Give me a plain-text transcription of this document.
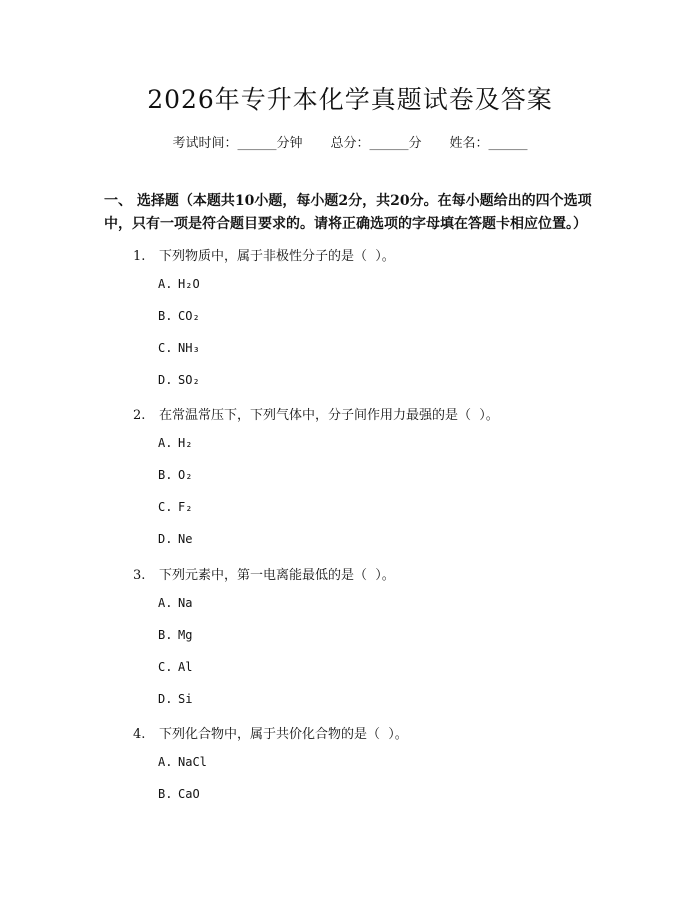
2026年专升本化学真题试卷及答案
考试时间：______分钟 总分：______分 姓名：______
一、 选择题（本题共10小题，每小题2分，共20分。在每小题给出的四个选项中，只有一项是符合题目要求的。请将正确选项的字母填在答题卡相应位置。）
1. 下列物质中，属于非极性分子的是（  ）。
A. H₂O
B. CO₂
C. NH₃
D. SO₂
2. 在常温常压下，下列气体中，分子间作用力最强的是（  ）。
A. H₂
B. O₂
C. F₂
D. Ne
3. 下列元素中，第一电离能最低的是（  ）。
A. Na
B. Mg
C. Al
D. Si
4. 下列化合物中，属于共价化合物的是（  ）。
A. NaCl
B. CaO
